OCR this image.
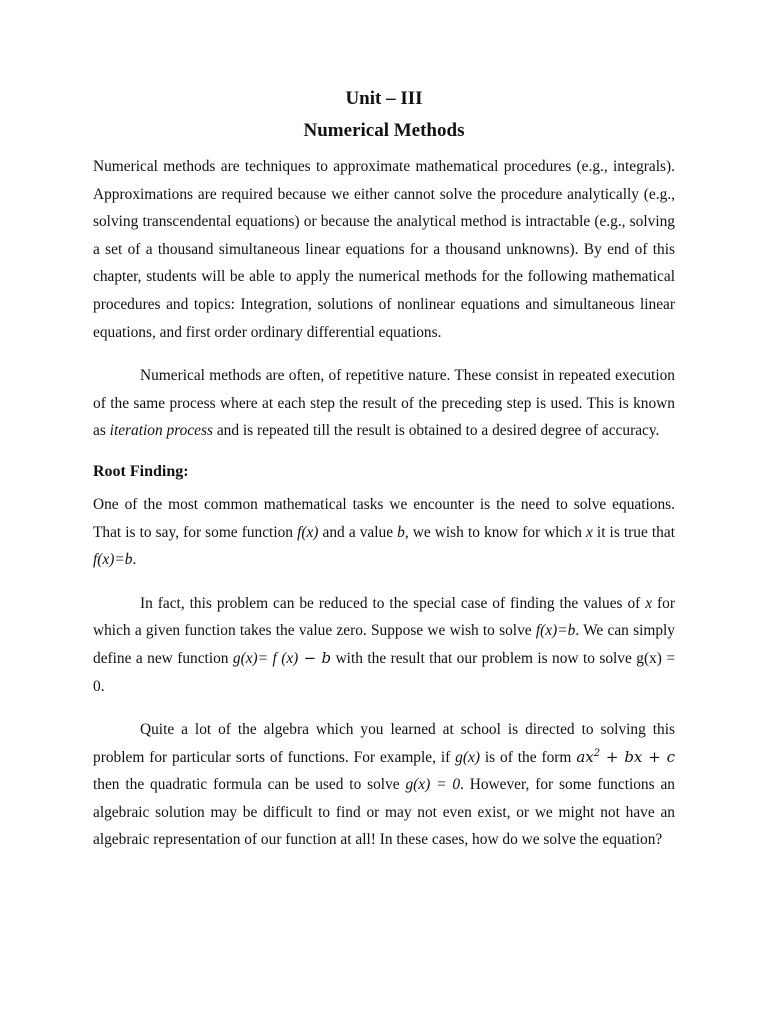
Unit – III
Numerical Methods

Numerical methods are techniques to approximate mathematical procedures (e.g., integrals). Approximations are required because we either cannot solve the procedure analytically (e.g., solving transcendental equations) or because the analytical method is intractable (e.g., solving a set of a thousand simultaneous linear equations for a thousand unknowns). By end of this chapter, students will be able to apply the numerical methods for the following mathematical procedures and topics: Integration, solutions of nonlinear equations and simultaneous linear equations, and first order ordinary differential equations.

Numerical methods are often, of repetitive nature. These consist in repeated execution of the same process where at each step the result of the preceding step is used. This is known as iteration process and is repeated till the result is obtained to a desired degree of accuracy.

Root Finding:

One of the most common mathematical tasks we encounter is the need to solve equations. That is to say, for some function f(x) and a value b, we wish to know for which x it is true that f(x)=b.

In fact, this problem can be reduced to the special case of finding the values of x for which a given function takes the value zero. Suppose we wish to solve f(x)=b. We can simply define a new function g(x)= f (x) − b with the result that our problem is now to solve g(x) = 0.

Quite a lot of the algebra which you learned at school is directed to solving this problem for particular sorts of functions. For example, if g(x) is of the form $ax^2$ + bx + c then the quadratic formula can be used to solve g(x) = 0. However, for some functions an algebraic solution may be difficult to find or may not even exist, or we might not have an algebraic representation of our function at all! In these cases, how do we solve the equation?
